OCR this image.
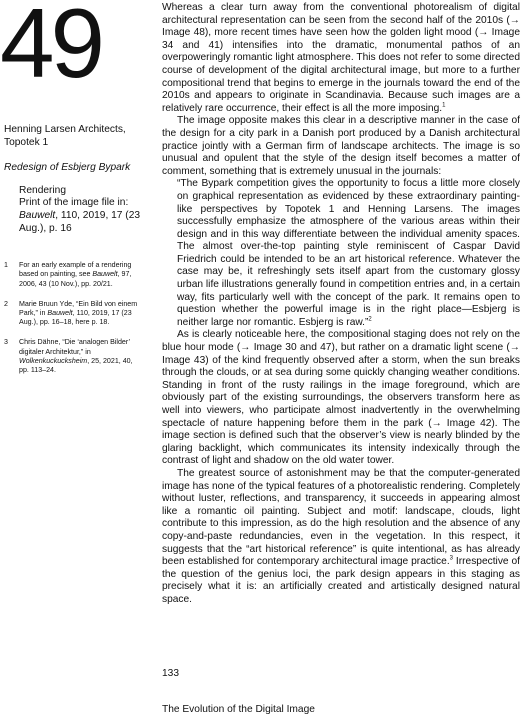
49
Henning Larsen Architects, Topotek 1
Redesign of Esbjerg Bypark
Rendering
Print of the image file in: Bauwelt, 110, 2019, 17 (23 Aug.), p. 16
1	For an early example of a rendering based on painting, see Bauwelt, 97, 2006, 43 (10 Nov.), pp. 20/21.
2	Marie Bruun Yde, “Ein Bild von einem Park,” in Bauwelt, 110, 2019, 17 (23 Aug.), pp. 16–18, here p. 18.
3	Chris Dähne, “Die ‘analogen Bilder’ digitaler Architektur,” in Wolkenkuckucksheim, 25, 2021, 40, pp. 113–24.

Whereas a clear turn away from the conventional photorealism of digital architectural representation can be seen from the second half of the 2010s (→ Image 48), more recent times have seen how the golden light mood (→ Image 34 and 41) intensifies into the dramatic, monumental pathos of an overpoweringly romantic light atmosphere. This does not refer to some directed course of development of the digital architectural image, but more to a further compositional trend that begins to emerge in the journals toward the end of the 2010s and appears to originate in Scandinavia. Because such images are a relatively rare occurrence, their effect is all the more imposing.$^1$

The image opposite makes this clear in a descriptive manner in the case of the design for a city park in a Danish port produced by a Danish architectural practice jointly with a German firm of landscape architects. The image is so unusual and opulent that the style of the design itself becomes a matter of comment, something that is extremely unusual in the journals:

“The Bypark competition gives the opportunity to focus a little more closely on graphical representation as evidenced by these extraordinary painting-like perspectives by Topotek 1 and Henning Larsens. The images successfully emphasize the atmosphere of the various areas within their design and in this way differentiate between the individual amenity spaces. The almost over-the-top painting style reminiscent of Caspar David Friedrich could be intended to be an art historical reference. Whatever the case may be, it refreshingly sets itself apart from the customary glossy urban life illustrations generally found in competition entries and, in a certain way, fits particularly well with the concept of the park. It remains open to question whether the powerful image is in the right place—Esbjerg is neither large nor romantic. Esbjerg is raw.”$^2$

As is clearly noticeable here, the compositional staging does not rely on the blue hour mode (→ Image 30 and 47), but rather on a dramatic light scene (→ Image 43) of the kind frequently observed after a storm, when the sun breaks through the clouds, or at sea during some quickly changing weather conditions. Standing in front of the rusty railings in the image foreground, which are obviously part of the existing surroundings, the observers transform here as well into viewers, who participate almost inadvertently in the overwhelming spectacle of nature happening before them in the park (→ Image 42). The image section is defined such that the observer’s view is nearly blinded by the glaring backlight, which communicates its intensity indexically through the contrast of light and shadow on the old water tower.

The greatest source of astonishment may be that the computer-generated image has none of the typical features of a photorealistic rendering. Completely without luster, reflections, and transparency, it succeeds in appearing almost like a romantic oil painting. Subject and motif: landscape, clouds, light contribute to this impression, as do the high resolution and the absence of any copy-and-paste redundancies, even in the vegetation. In this respect, it suggests that the “art historical reference” is quite intentional, as has already been established for contemporary architectural image practice.$^3$ Irrespective of the question of the genius loci, the park design appears in this staging as precisely what it is: an artificially created and artistically designed natural space.

133
The Evolution of the Digital Image
